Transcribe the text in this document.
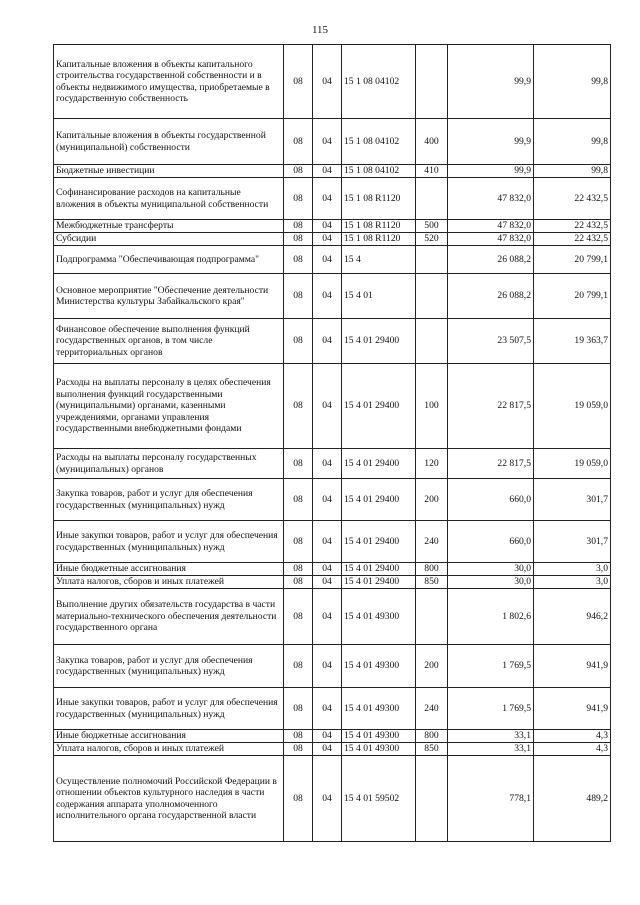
115
Капитальные вложения в объекты капитального строительства государственной собственности и в объекты недвижимого имущества, приобретаемые в государственную собственность	08	04	15 1 08 04102		99,9	99,8
Капитальные вложения в объекты государственной (муниципальной) собственности	08	04	15 1 08 04102	400	99,9	99,8
Бюджетные инвестиции	08	04	15 1 08 04102	410	99,9	99,8
Софинансирование расходов на капитальные вложения в объекты муниципальной собственности	08	04	15 1 08 R1120		47 832,0	22 432,5
Межбюджетные трансферты	08	04	15 1 08 R1120	500	47 832,0	22 432,5
Субсидии	08	04	15 1 08 R1120	520	47 832,0	22 432,5
Подпрограмма "Обеспечивающая подпрограмма"	08	04	15 4		26 088,2	20 799,1
Основное мероприятие "Обеспечение деятельности Министерства культуры Забайкальского края"	08	04	15 4 01		26 088,2	20 799,1
Финансовое обеспечение выполнения функций государственных органов, в том числе территориальных органов	08	04	15 4 01 29400		23 507,5	19 363,7
Расходы на выплаты персоналу в целях обеспечения выполнения функций государственными (муниципальными) органами, казенными учреждениями, органами управления государственными внебюджетными фондами	08	04	15 4 01 29400	100	22 817,5	19 059,0
Расходы на выплаты персоналу государственных (муниципальных) органов	08	04	15 4 01 29400	120	22 817,5	19 059,0
Закупка товаров, работ и услуг для обеспечения государственных (муниципальных) нужд	08	04	15 4 01 29400	200	660,0	301,7
Иные закупки товаров, работ и услуг для обеспечения государственных (муниципальных) нужд	08	04	15 4 01 29400	240	660,0	301,7
Иные бюджетные ассигнования	08	04	15 4 01 29400	800	30,0	3,0
Уплата налогов, сборов и иных платежей	08	04	15 4 01 29400	850	30,0	3,0
Выполнение других обязательств государства в части материально-технического обеспечения деятельности государственного органа	08	04	15 4 01 49300		1 802,6	946,2
Закупка товаров, работ и услуг для обеспечения государственных (муниципальных) нужд	08	04	15 4 01 49300	200	1 769,5	941,9
Иные закупки товаров, работ и услуг для обеспечения государственных (муниципальных) нужд	08	04	15 4 01 49300	240	1 769,5	941,9
Иные бюджетные ассигнования	08	04	15 4 01 49300	800	33,1	4,3
Уплата налогов, сборов и иных платежей	08	04	15 4 01 49300	850	33,1	4,3
Осуществление полномочий Российской Федерации в отношении объектов культурного наследия в части содержания аппарата уполномоченного исполнительного органа государственной власти	08	04	15 4 01 59502		778,1	489,2
